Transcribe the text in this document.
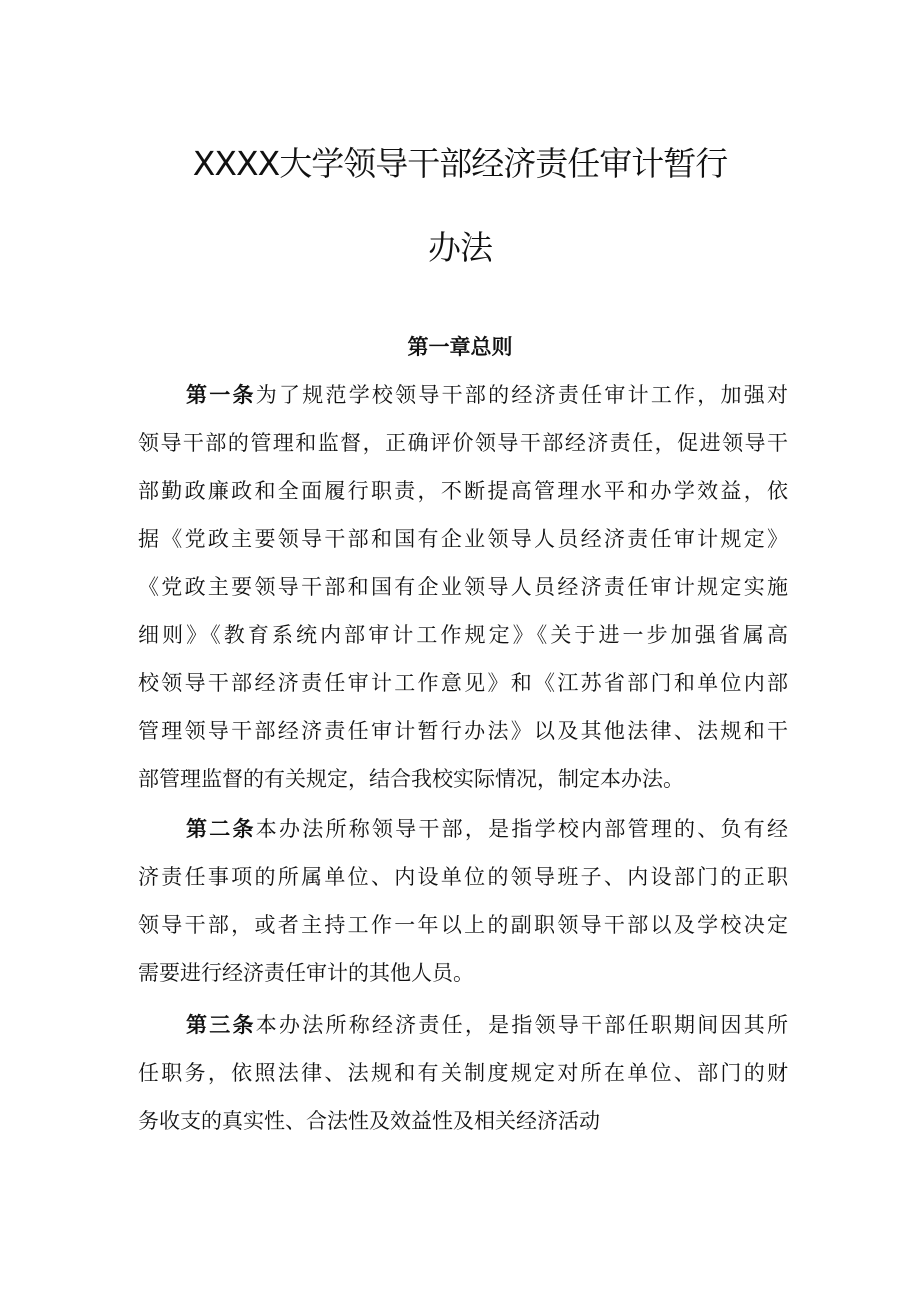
XXXX大学领导干部经济责任审计暂行
办法
第一章总则
第一条为了规范学校领导干部的经济责任审计工作，加强对
领导干部的管理和监督，正确评价领导干部经济责任，促进领导干
部勤政廉政和全面履行职责，不断提高管理水平和办学效益，依
据《党政主要领导干部和国有企业领导人员经济责任审计规定》
《党政主要领导干部和国有企业领导人员经济责任审计规定实施
细则》《教育系统内部审计工作规定》《关于进一步加强省属高
校领导干部经济责任审计工作意见》和《江苏省部门和单位内部
管理领导干部经济责任审计暂行办法》以及其他法律、法规和干
部管理监督的有关规定，结合我校实际情况，制定本办法。
第二条本办法所称领导干部，是指学校内部管理的、负有经
济责任事项的所属单位、内设单位的领导班子、内设部门的正职
领导干部，或者主持工作一年以上的副职领导干部以及学校决定
需要进行经济责任审计的其他人员。
第三条本办法所称经济责任，是指领导干部任职期间因其所
任职务，依照法律、法规和有关制度规定对所在单位、部门的财
务收支的真实性、合法性及效益性及相关经济活动
